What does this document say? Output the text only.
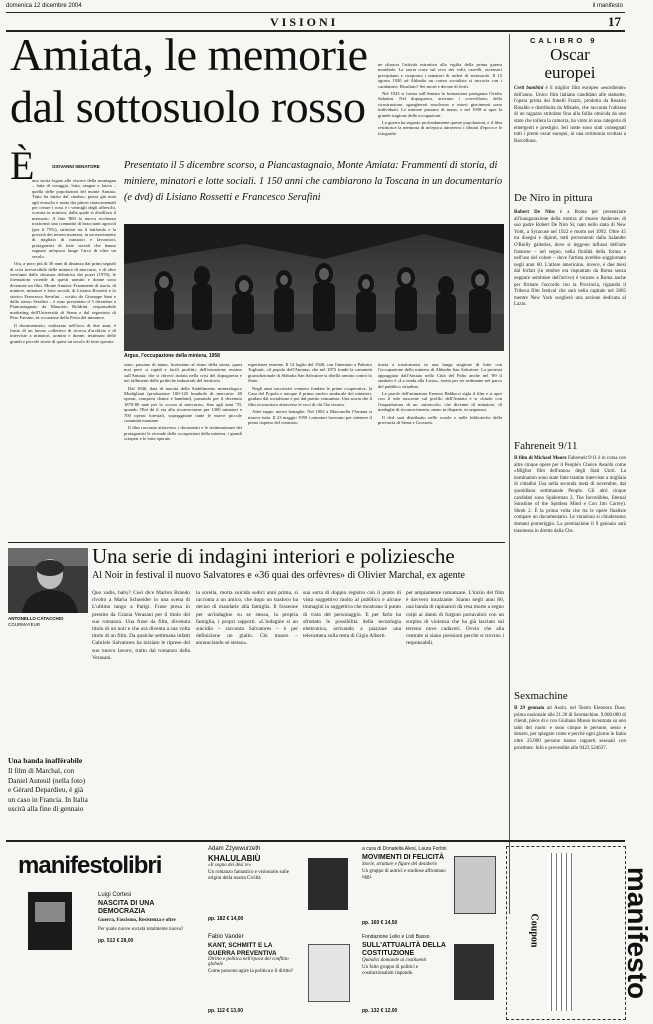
domenica 12 dicembre 2004	il manifesto
VISIONI	17
Amiata, le memorie
dal sottosuolo rosso
È	GIOVANNI SENATORE Presentato il 5 dicembre scorso, a Piancastagnaio, Monte Amiata: Frammenti di storia, di miniere, minatori e lotte sociali. 1 150 anni che cambiarono la Toscana in un documentario (e dvd) di Lisiano Rossetti e Francesco Serafini

una storia legata alle viscere della montagna – fatta di coraggio, lotta, sangue e fatica – quella delle popolazioni del monte Amiata. Tutto ha inizio dal cinabro, pietra già nota agli etruschi e usata dai pittori rinascimentali per creare i rossi e i vermigli degli affreschi, scavata in miniera, dalla quale si distillava il mercurio. A fine '800 la nuova ricchezza trasformò una comunità di braccianti agricoli (per il 75%), stritolati tra il latifondo e la povertà dei terreni montani, in un movimento di migliaia di minatori e lavoratori, protagonisti di lotte sociali che hanno segnato un'epoca lungo l'arco di oltre un secolo.

Ora, a poco più di 30 anni di distanza dai primi segnali di crisi irreversibile delle miniere di mercurio, e di oltre vent'anni dalla chiusura definitiva dei pozzi (1976), le formazioni vicende di questi uomini e donne sono diventate un film. Monte Amiata: Frammenti di storia, di miniere, minatori e lotte sociali, di Lisiano Rossetti e lo storico Francesco Serafini – scritto da Giuseppe Sani e dallo stesso Serafini – è stato presentato il 5 dicembre a Piancastagnaio da Maurizio Boldrini, responsabile marketing dell'Università di Siena e dal segretario di Pero Fassino, in occasione della Festa del minatore.

Il documentario, realizzato nell'arco di due anni, è frutto di un lavoro collettivo di ricerca d'archivio e di interviste a minatori, uomini e donne, testimoni delle grandi e piccole storie di quasi un secolo di lotte operaie.

Argus, l'occupazione della miniera, 1958

sono, passano di mano, licenziano al ritmo della storia, quasi mai però «i rapidi e facili profitti» dell'estrazione restano sull'Amiata: che si ritrovò isolata nella crisi del dopoguerra e nei fallimenti delle politiche industriali del territorio.

Dal 1846, data di nascita della Stabilimento mineralogico Modigliani (produzione 100-120 bombole di mercurio: 40 operai, compresi donne e bambini), passando per il decennio 1870-80 nate per la «corsa al mercurio», fino agli anni '70, quando l'Eni dà il via alla riconversione per 1300 minatori e 700 operai forestali, sopraggiunte tante le nuove piccole comunità montane.

Il film racconta attraverso i documenti e le testimonianze dei protagonisti le vicende delle occupazioni della miniera, i grandi scioperi e le lotte operaie.

esperienze estreme. Il 14 luglio del 1948, con l'attentato a Palmiro Togliatti, «il popolo dell'Amiata» che nel 1872 fondò la comunità giurisdizionale di Abbadia San Salvatore si ribellò armato contro lo Stato.

Negli anni successivi vennero fondate le prime cooperative, la Casa del Popolo e nacque il primo nucleo sindacale dei minatori, guidato dal socialismo e poi dal partito comunista. Una storia che il film ricostruisce attraverso le voci di chi l'ha vissuta.

Altre tappe, nuove battaglie. Nel 1902 a Mascarella l'Amiata si muove tutta. Il 23 maggio 1959 i minatori lavorano per ottenere il pieno rispetto del contratto.

ne rilancia l'attività estrattiva alla vigilia della prima guerra mondiale. La storia corre sul vivo dei volti, carrelli, ascensori precipitano e ricoprono i minatori di ruderi di sottosuolo. Il 15 agosto 1920 ad Abbadia un corteo socialista si incrocia con i carabinieri. Risultato? Sei morti e decine di feriti.

Nel 1943 si forma sull'Amiata la formazione partigiana Ovidio Sabatini. Nel dopoguerra, arrivano i «cervelloni» della ricostruzione, sganghereti assolvono e nuovi giacimenti sono individuati. Le miniere passano di mano, e nel 1958 si apre la grande stagione delle occupazioni.

La guerra ha segnato profondamente queste popolazioni, e il film restituisce la memoria di un'epoca attraverso i filmati d'epoca e le fotografie.

inizia a trasformarsi in una lunga stagione di lotte con l'occupazione della miniera di Abbadia San Salvatore. La protesta appoggiata dall'Amiata nella Città del Palio anche nel '89 il simbolo è «La tenda alla Lizza», eretta per tre settimane nel parco del pubblico cittadino.

Le parole dell'animatore Ernesto Balducci sigla il film e si apre con il sole nascente sul profilo dell'Amiata e si chiude con l'inquadratura di un «miracolo» che divenne di minatore, di medaglie di riconoscimento, meno in disparte, in sequenza.

Il dvd sarà distribuito nelle scuole e nelle biblioteche della provincia di Siena e Grosseto.

CALIBRO 9
Oscar
europei
Certi bambini è il miglior film europeo «esordiente» dell'anno. Unico film italiano candidato alle statuette, l'opera prima dei fratelli Frazzi, prodotta da Rosario Rinaldo e distribuita da Mikado, che racconta l'odissea di un ragazzo stritolato fino alla follia omicida da uno stato che tollera la camorra, ha vinto in una categoria di emergenti e prestigio. Ieri notte sono stati consegnati tutti i premi oscar europei, in una cerimonia svoltasi a Barcellona.
De Niro in pittura
Robert De Niro è a Roma per presenziare all'inaugurazione della mostra al museo Andersen di suo padre Robert De Niro Sr, nato nello stato di New York, a Syracuse nel 1922 e morto nel 1992. Oltre 45 tra disegni e dipinti, tutti provenienti dalla Salander O'Reilly galleries, dove si leggono influssi dell'arte francese – nel segno, nella fluidità della forma e nell'uso del colore – dove l'artista avrebbe soggiornato negli anni 60. L'attore americano, invece, è due mesi dal forfait (in ottobre era rispuntato da Roma senza neppure sembrare dell'arrivo) è tornato a Roma anche per firmare l'accordo con la Provincia, riguardo il Tribeca film festival che sarà nella capitale nel 2005 mentre New York sceglierà una sezione dedicata al Lazio.
Fahreneit 9/11
Il film di Michael Moore Fahreneit 9/11 è in corsa con altre cinque opere per il People's Choice Awards come «Miglior film dell'anno» degli Stati Uniti. La nomination sono state fatte tramite interviste a migliaia di cittadini Usa nella seconda metà di novembre, dal quotidiano settimanale People. Gli altri cinque candidati sono Spiderman 2, The Incredibles, Eternal Sunshine of the Spotless Mind e Con Jim Carrey). Shrek 2. È la prima volta che tra le opere finaliste compare un documentario. Le votazioni si chiuderanno domani pomeriggio. La premiazione il 9 gennaio sarà trasmessa in diretta dalla Cbs.
Sexmachine
Il 29 gennaio ad Asolo, nel Teatro Eleonora Duse, prima nazionale alle 21.30 di Sexmachine. 9.000.000 di clienti, pièce di e con Giuliana Musso incentrata su uno tabù del ruolo: e sono cinque le persone, sesso e denaro, per spiegare come e perché ogni giorno in Italia oltre 25.000 persone hanno rapporti sessuali con prostitute. Info e prevendite allo 0423 524637.
Una serie di indagini interiori e poliziesche
Al Noir in festival il nuovo Salvatores e «36 quai des orfèvres» di Olivier Marchal, ex agente
ANTONELLO CATACCHIO
COURMAYEUR
Una banda inaffèrabile
Il film di Marchal, con Daniel Auteuil (nella foto) e Gérard Depardieu, è già un caso in Francia. In Italia uscirà alla fine di gennaio
Quo vadis, baby? Così dice Marlon Brando rivolto a Maria Schneider in una scena di L'ultimo tango a Parigi. Frase presa in prestito da Grazia Verasani per il titolo del suo romanzo. Una frase da film, divenuta titolo di un noir e che ora diventa a sua volta titolo di un film. Da qualche settimana infatti Gabriele Salvatores ha iniziato le riprese del suo nuovo lavoro, tratto dal romanzo della Verasani.
la sorella, morta suicida sedici anni prima, si racconta a un amico, che dopo un trasloco ha deciso di mandarle alla famiglia. Il fosseone per un'indagine su se stessa, la propria famiglia, i propri rapporti. «L'indagine si un suicidio – racconta Salvatores – è per definizione un giallo. Chi muore – annunciando sé stesso».
sua sorta di doppio registro con il punto di vista soggettivo molto al pubblico e alcune immagini in soggettiva che mostrano il punto di vista del personaggio. E per farlo ha sfruttato le possibilità della tecnologia elettronica, arrivando a piazzare una telecamera sulla testa di Gigio Alberti.
per ampiamente romanzate. L'inizio del film è davvero incalzante. Siamo negli anni 80, una banda di rapinatori dà resa morte a segno colpi ai danni di furgoni portavalori con un surplus di violenza che ha già lasciato sul terreno nove cadaveri. Ovvio che alla centrale si siano pressioni perché si trovino i responsabili.
manifestolibri
Luigi Cortesi
NASCITA DI UNA DEMOCRAZIA
Guerra, Fascismo, Resistenza e oltre
Per quale nuove società totalmente nuova?
pp. 512 € 28,00
Adam Zżywwurzeth
KHALULABIÙ
«Il sogno dei dèsi re»
Un romanzo fantastico e visionario sulle origini della nostra Civiltà
pp. 182 € 14,00
Fabio Vander
KANT, SCHMITT E LA GUERRA PREVENTIVA
Diritto e politica nell'epoca del conflitto globale
Come possono agire la politica e il diritto?
pp. 112 € 13,00
a cura di Donatella Alesi, Laura Fortini
MOVIMENTI DI FELICITÀ
Storie, strutture e figure del desiderio
Un gruppo di autrici e studiose affrontano oggi.
pp. 160 € 14,50
Fondazione Lelio e Lisli Basso
SULL'ATTUALITÀ DELLA COSTITUZIONE
Quindici domande ai costituenti
Un folto gruppo di politici e costituzionalisti risponde.
pp. 132 € 12,00
manifesto
Coupon
